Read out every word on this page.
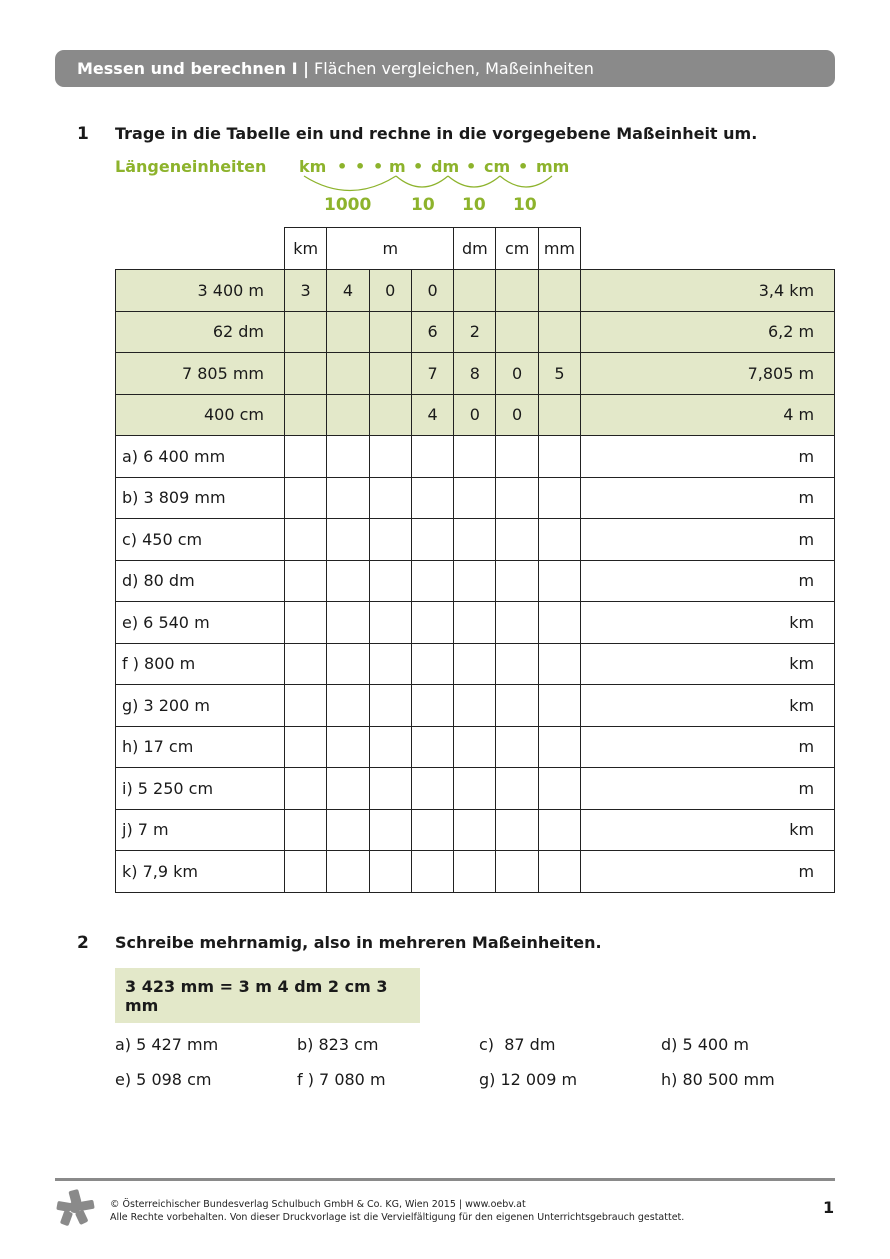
Messen und berechnen I | Flächen vergleichen, Maßeinheiten
1 Trage in die Tabelle ein und rechne in die vorgegebene Maßeinheit um.
Längeneinheiten km • • • m • dm • cm • mm
1000 10 10 10
	km	m			dm	cm	mm	
3 400 m	3	4	0	0				3,4 km
62 dm				6	2			6,2 m
7 805 mm				7	8	0	5	7,805 m
400 cm				4	0	0		4 m
a) 6 400 mm								m
b) 3 809 mm								m
c) 450 cm								m
d) 80 dm								m
e) 6 540 m								km
f ) 800 m								km
g) 3 200 m								km
h) 17 cm								m
i) 5 250 cm								m
j) 7 m								km
k) 7,9 km								m
2 Schreibe mehrnamig, also in mehreren Maßeinheiten.
3 423 mm = 3 m 4 dm 2 cm 3 mm
a) 5 427 mm	b) 823 cm	c)  87 dm	d) 5 400 m
e) 5 098 cm	f ) 7 080 m	g) 12 009 m	h) 80 500 mm
© Österreichischer Bundesverlag Schulbuch GmbH & Co. KG, Wien 2015 | www.oebv.at
Alle Rechte vorbehalten. Von dieser Druckvorlage ist die Vervielfältigung für den eigenen Unterrichtsgebrauch gestattet.
1
